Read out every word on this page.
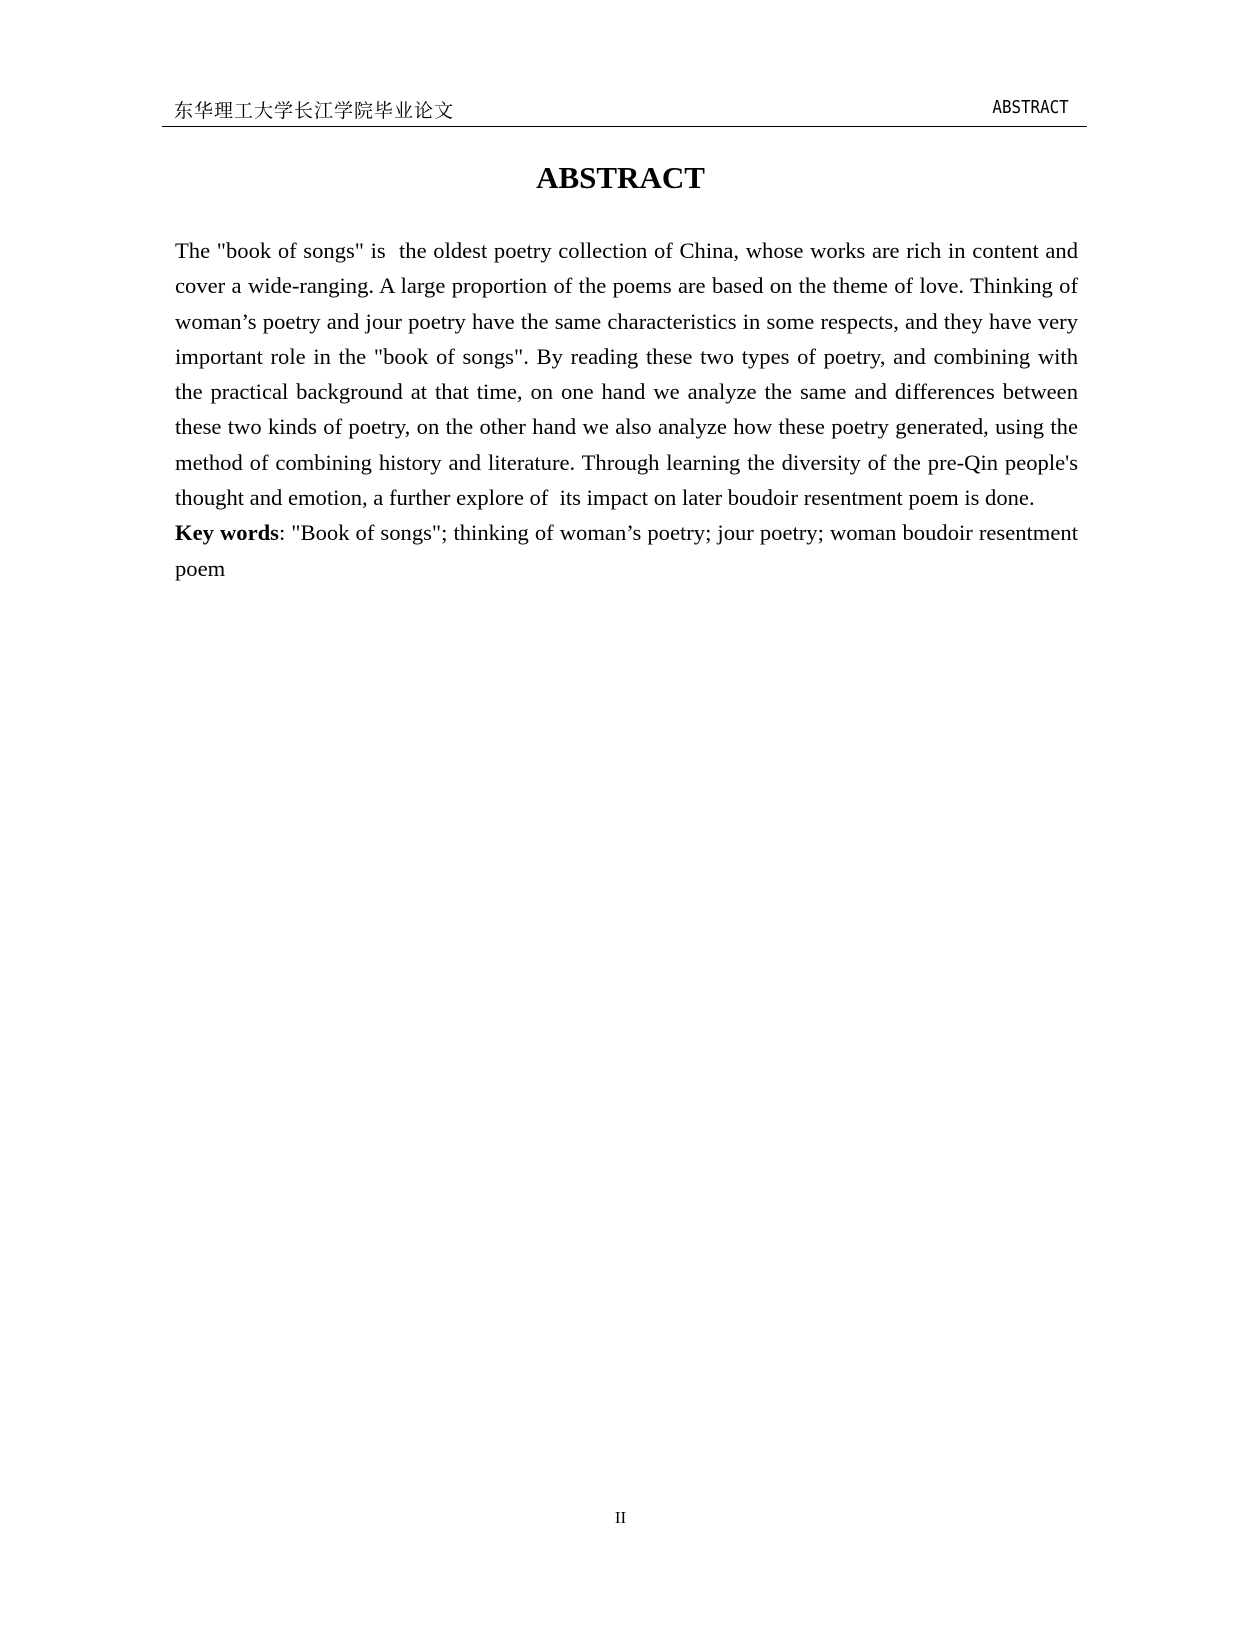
东华理工大学长江学院毕业论文	ABSTRACT
ABSTRACT

The "book of songs" is  the oldest poetry collection of China, whose works are rich in content and cover a wide-ranging. A large proportion of the poems are based on the theme of love. Thinking of woman’s poetry and jour poetry have the same characteristics in some respects, and they have very important role in the "book of songs". By reading these two types of poetry, and combining with the practical background at that time, on one hand we analyze the same and differences between these two kinds of poetry, on the other hand we also analyze how these poetry generated, using the method of combining history and literature. Through learning the diversity of the pre-Qin people's thought and emotion, a further explore of  its impact on later boudoir resentment poem is done.

Key words: "Book of songs"; thinking of woman’s poetry; jour poetry; woman boudoir resentment poem

II
